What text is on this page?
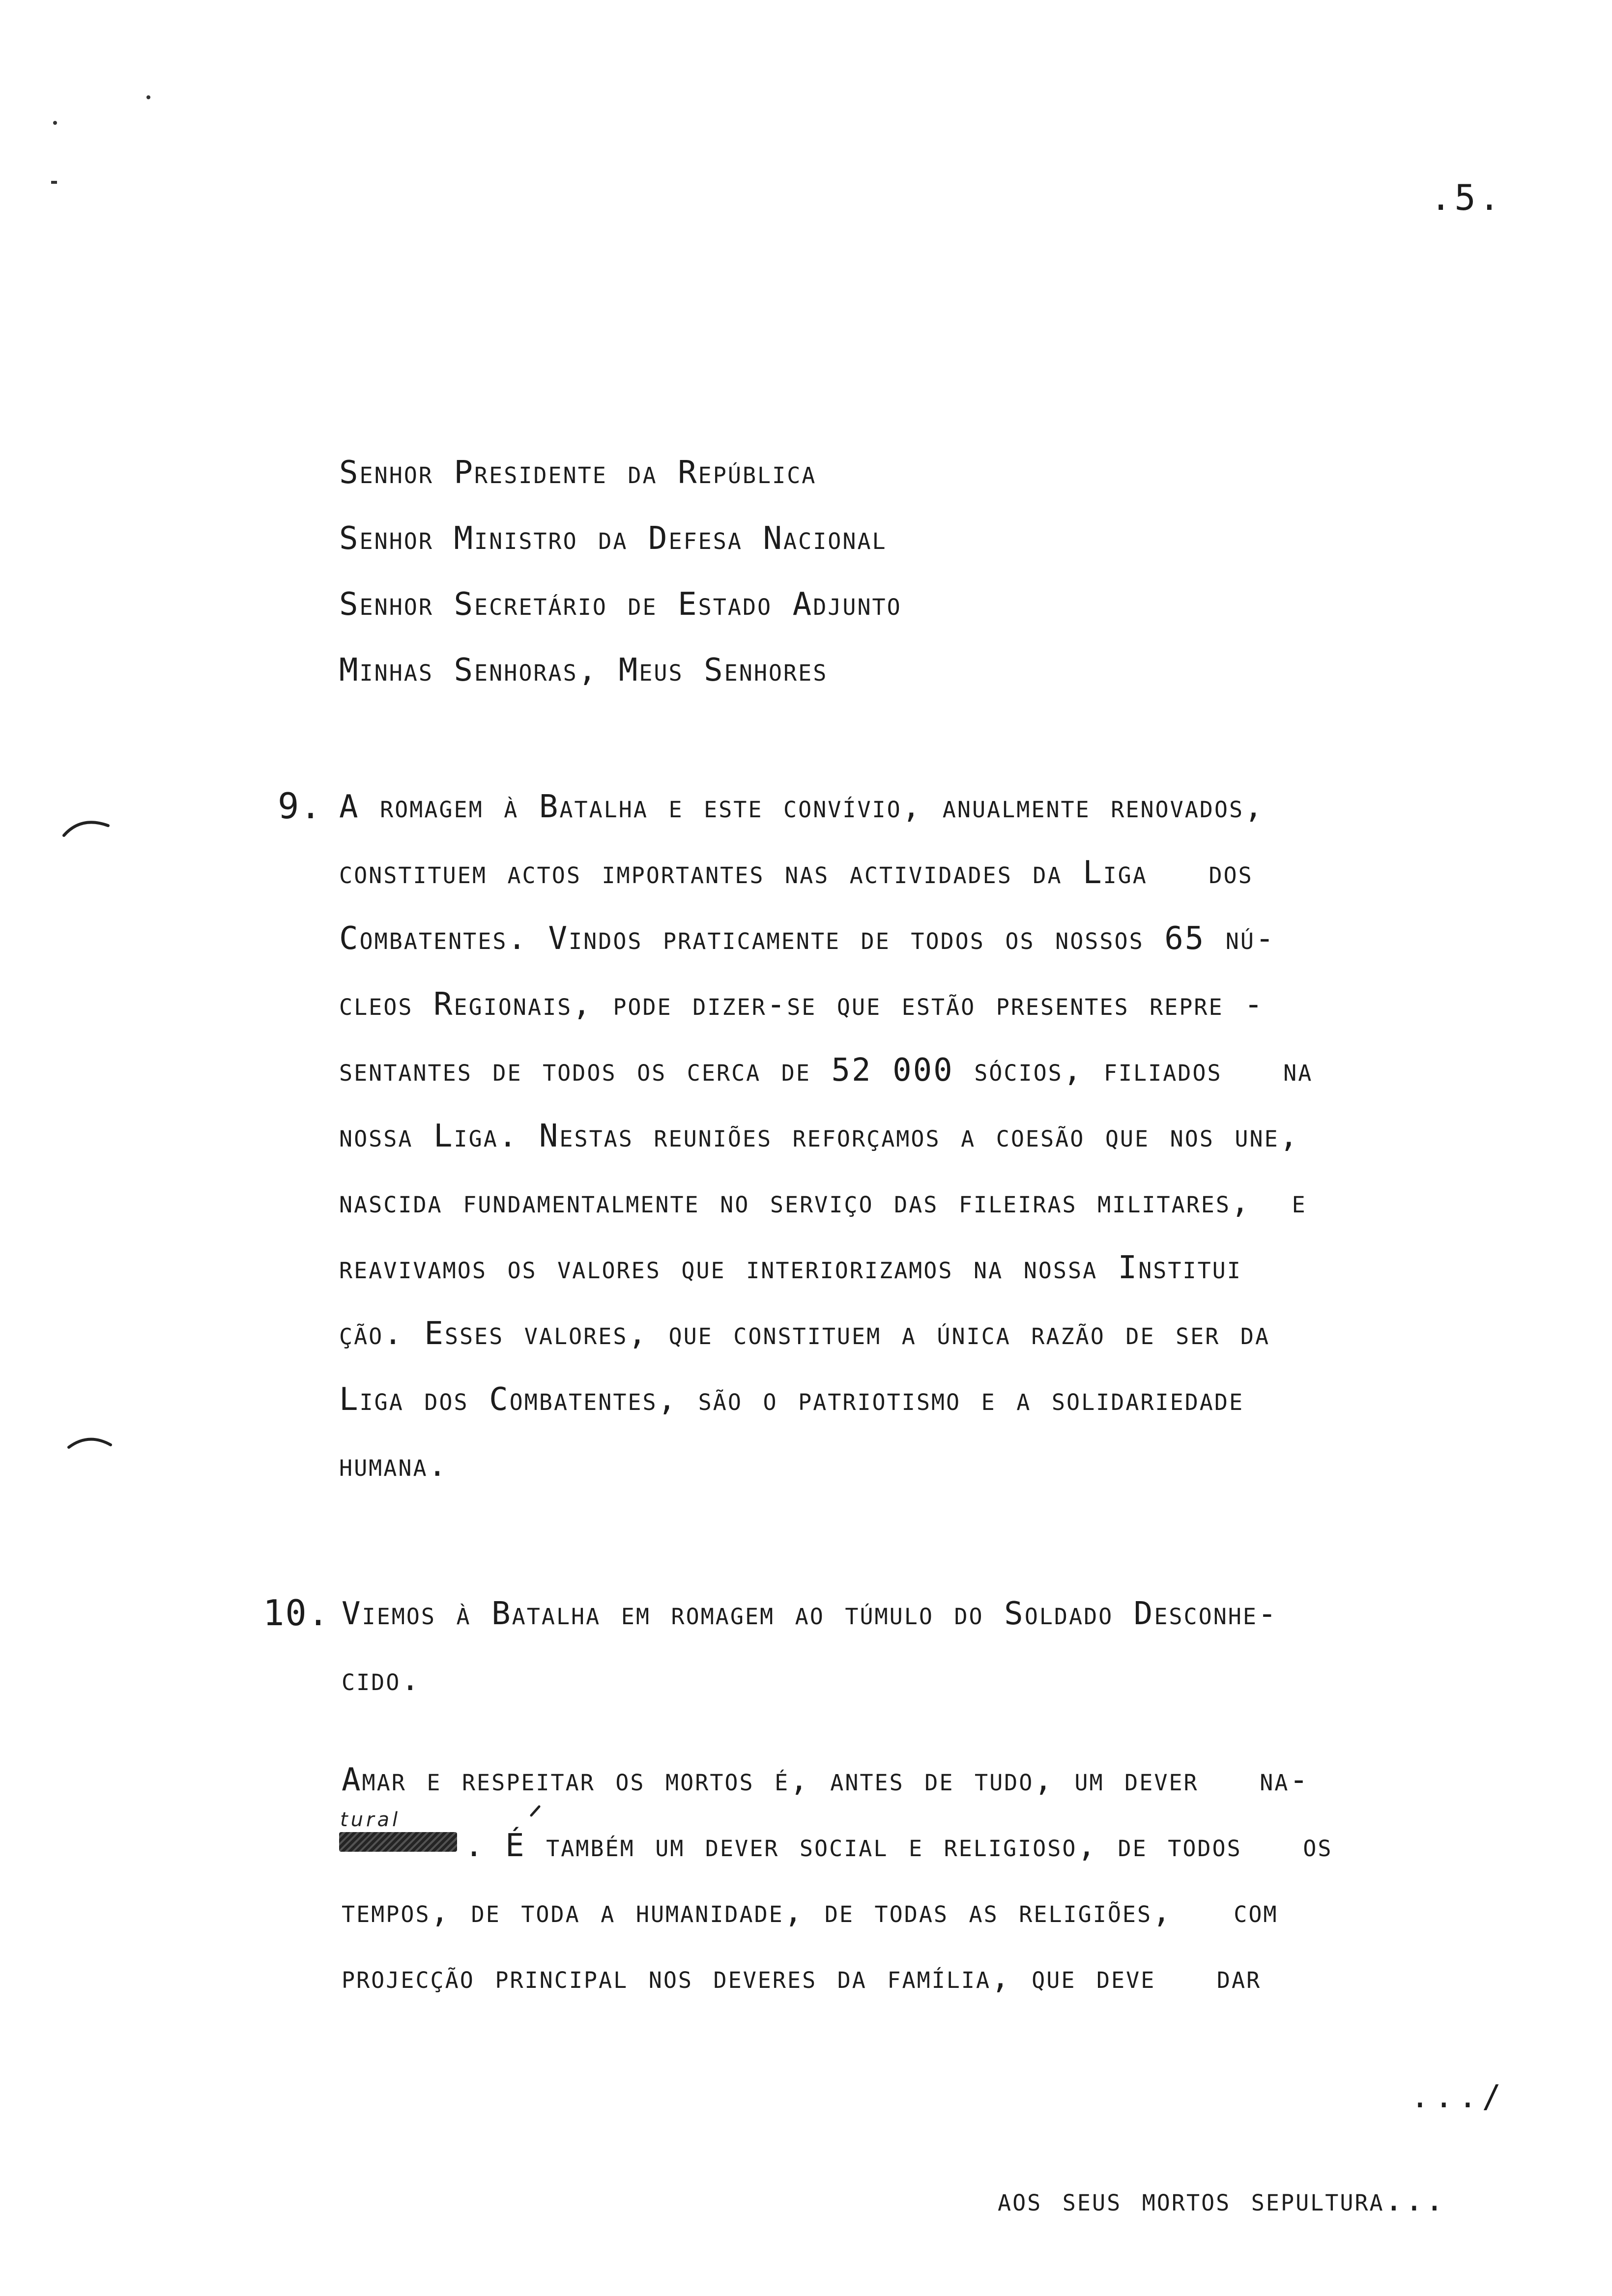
.5.
Senhor Presidente da República
Senhor Ministro da Defesa Nacional
Senhor Secretário de Estado Adjunto
Minhas Senhoras, Meus Senhores
9. A romagem à Batalha e este convívio, anualmente renovados,
constituem actos importantes nas actividades da Liga   dos
Combatentes. Vindos praticamente de todos os nossos 65 nú-
cleos Regionais, pode dizer-se que estão presentes repre -
sentantes de todos os cerca de 52 000 sócios, filiados   na
nossa Liga. Nestas reuniões reforçamos a coesão que nos une,
nascida fundamentalmente no serviço das fileiras militares,  e
reavivamos os valores que interiorizamos na nossa Institui
ção. Esses valores, que constituem a única razão de ser da
Liga dos Combatentes, são o patriotismo e a solidariedade
humana.
10. Viemos à Batalha em romagem ao túmulo do Soldado Desconhe-
cido.
Amar e respeitar os mortos é, antes de tudo, um dever   na-
. É também um dever social e religioso, de todos   os
tempos, de toda a humanidade, de todas as religiões,   com
projecção principal nos deveres da família, que deve   dar
tural
.../
aos seus mortos sepultura...
